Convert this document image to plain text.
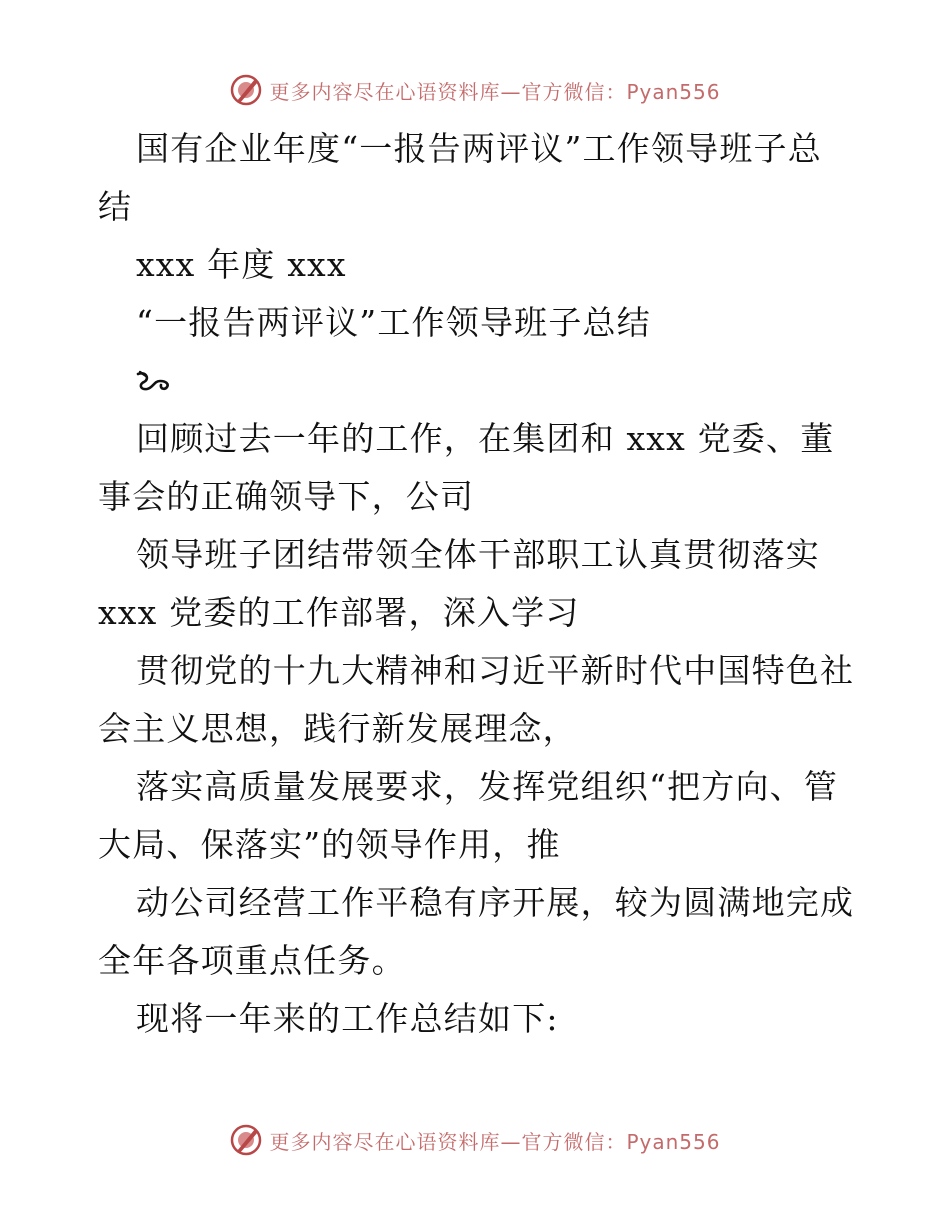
更多内容尽在心语资料库—官方微信：Pyan556
国有企业年度“一报告两评议”工作领导班子总
结
xxx 年度 xxx
“一报告两评议”工作领导班子总结
回顾过去一年的工作，在集团和 xxx 党委、董
事会的正确领导下，公司
领导班子团结带领全体干部职工认真贯彻落实
xxx 党委的工作部署，深入学习
贯彻党的十九大精神和习近平新时代中国特色社
会主义思想，践行新发展理念，
落实高质量发展要求，发挥党组织“把方向、管
大局、保落实”的领导作用，推
动公司经营工作平稳有序开展，较为圆满地完成
全年各项重点任务。
现将一年来的工作总结如下:
更多内容尽在心语资料库—官方微信：Pyan556
